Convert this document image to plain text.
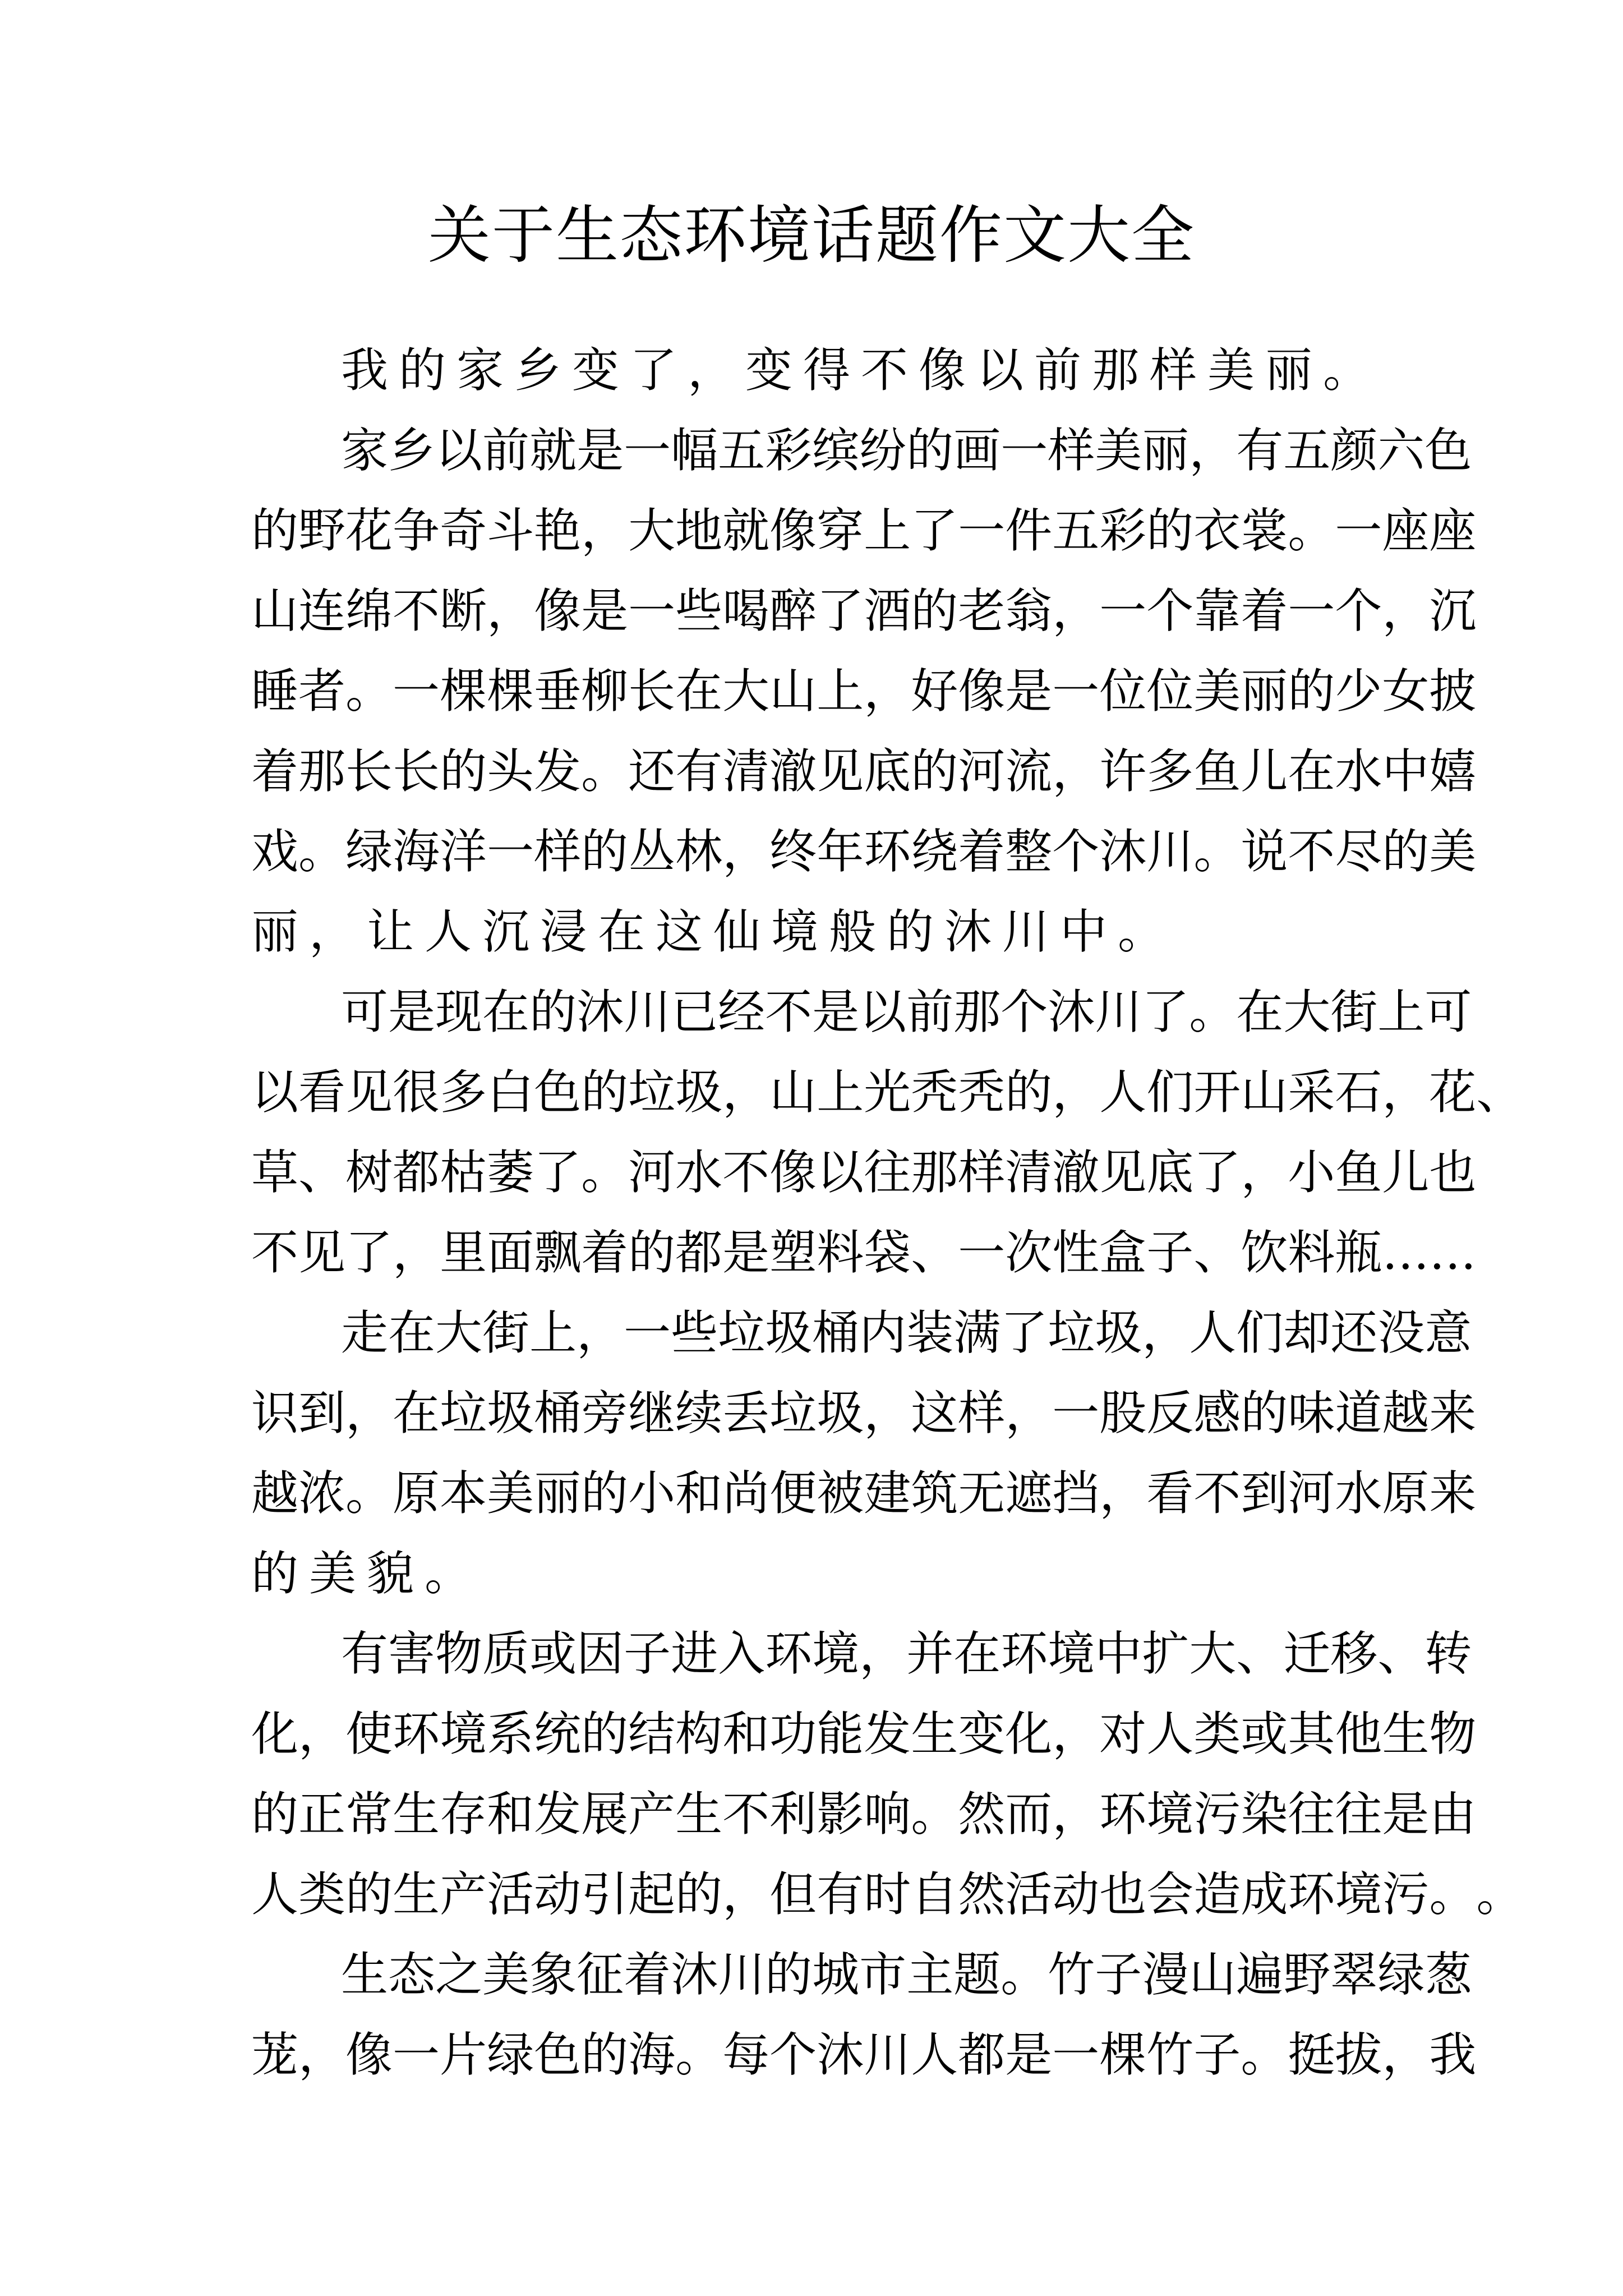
关于生态环境话题作文大全
我的家乡变了，变得不像以前那样美丽。
家 乡 以 前 就 是 一 幅 五 彩 缤 纷 的 画 一 样 美 丽 ， 有 五 颜 六 色
的 野 花 争 奇 斗 艳 ， 大 地 就 像 穿 上 了 一 件 五 彩 的 衣 裳 。 一 座 座
山 连 绵 不 断 ， 像 是 一 些 喝 醉 了 酒 的 老 翁 ， 一 个 靠 着 一 个 ， 沉
睡 者 。 一 棵 棵 垂 柳 长 在 大 山 上 ， 好 像 是 一 位 位 美 丽 的 少 女 披
着 那 长 长 的 头 发 。 还 有 清 澈 见 底 的 河 流 ， 许 多 鱼 儿 在 水 中 嬉
戏 。 绿 海 洋 一 样 的 丛 林 ， 终 年 环 绕 着 整 个 沐 川 。 说 不 尽 的 美
丽，让人沉浸在这仙境般的沐川中。
可 是 现 在 的 沐 川 已 经 不 是 以 前 那 个 沐 川 了 。 在 大 街 上 可
以 看 见 很 多 白 色 的 垃 圾 ， 山 上 光 秃 秃 的 ， 人 们 开 山 采 石 ， 花 、
草 、 树 都 枯 萎 了 。 河 水 不 像 以 往 那 样 清 澈 见 底 了 ， 小 鱼 儿 也
不 见 了 ， 里 面 飘 着 的 都 是 塑 料 袋 、 一 次 性 盒 子 、 饮 料 瓶 … …
走 在 大 街 上 ， 一 些 垃 圾 桶 内 装 满 了 垃 圾 ， 人 们 却 还 没 意
识 到 ， 在 垃 圾 桶 旁 继 续 丢 垃 圾 ， 这 样 ， 一 股 反 感 的 味 道 越 来
越 浓 。 原 本 美 丽 的 小 和 尚 便 被 建 筑 无 遮 挡 ， 看 不 到 河 水 原 来
的美貌。
有 害 物 质 或 因 子 进 入 环 境 ， 并 在 环 境 中 扩 大 、 迁 移 、 转
化 ， 使 环 境 系 统 的 结 构 和 功 能 发 生 变 化 ， 对 人 类 或 其 他 生 物
的 正 常 生 存 和 发 展 产 生 不 利 影 响 。 然 而 ， 环 境 污 染 往 往 是 由
人 类 的 生 产 活 动 引 起 的 ， 但 有 时 自 然 活 动 也 会 造 成 环 境 污 。 。
生 态 之 美 象 征 着 沐 川 的 城 市 主 题 。 竹 子 漫 山 遍 野 翠 绿 葱
茏 ， 像 一 片 绿 色 的 海 。 每 个 沐 川 人 都 是 一 棵 竹 子 。 挺 拔 ， 我
